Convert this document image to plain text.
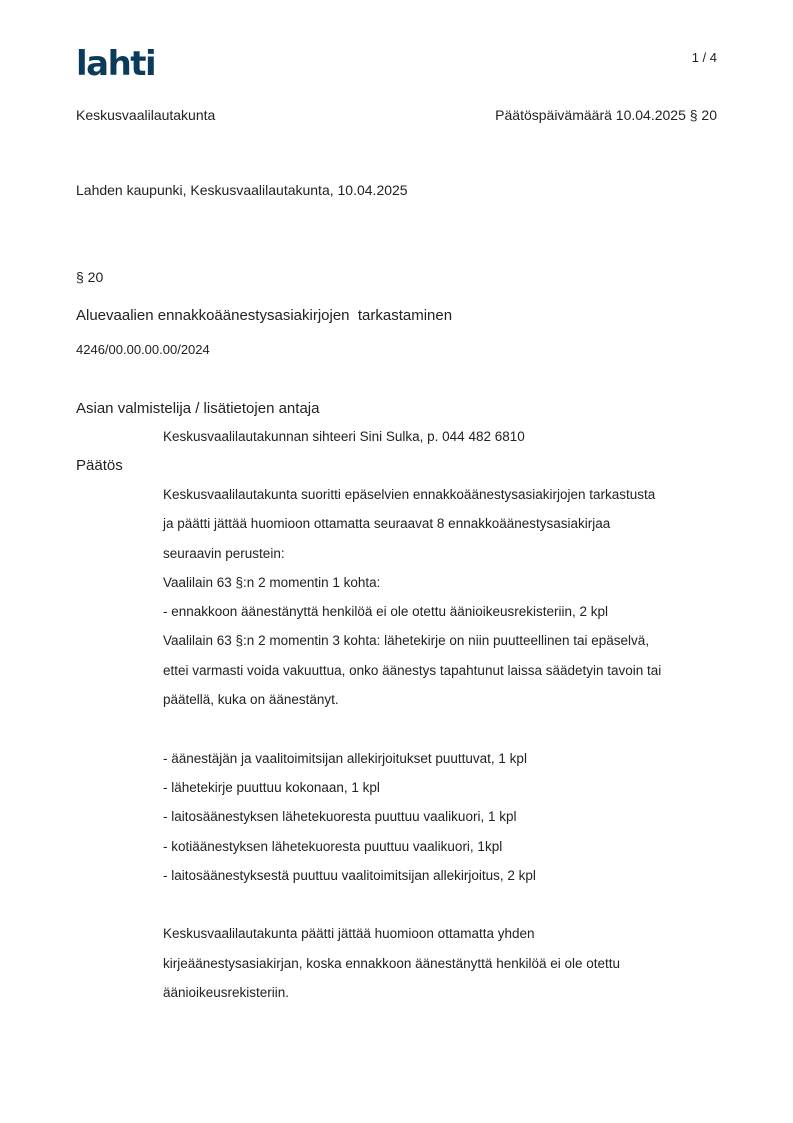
lahti	1 / 4
Keskusvaalilautakunta	Päätöspäivämäärä 10.04.2025 § 20
Lahden kaupunki, Keskusvaalilautakunta, 10.04.2025
§ 20
Aluevaalien ennakkoäänestysasiakirjojen  tarkastaminen
4246/00.00.00.00/2024
Asian valmistelija / lisätietojen antaja
Keskusvaalilautakunnan sihteeri Sini Sulka, p. 044 482 6810
Päätös
Keskusvaalilautakunta suoritti epäselvien ennakkoäänestysasiakirjojen tarkastusta
ja päätti jättää huomioon ottamatta seuraavat 8 ennakkoäänestysasiakirjaa
seuraavin perustein:
Vaalilain 63 §:n 2 momentin 1 kohta:
- ennakkoon äänestänyttä henkilöä ei ole otettu äänioikeusrekisteriin, 2 kpl
Vaalilain 63 §:n 2 momentin 3 kohta: lähetekirje on niin puutteellinen tai epäselvä,
ettei varmasti voida vakuuttua, onko äänestys tapahtunut laissa säädetyin tavoin tai
päätellä, kuka on äänestänyt.
- äänestäjän ja vaalitoimitsijan allekirjoitukset puuttuvat, 1 kpl
- lähetekirje puuttuu kokonaan, 1 kpl
- laitosäänestyksen lähetekuoresta puuttuu vaalikuori, 1 kpl
- kotiäänestyksen lähetekuoresta puuttuu vaalikuori, 1kpl
- laitosäänestyksestä puuttuu vaalitoimitsijan allekirjoitus, 2 kpl
Keskusvaalilautakunta päätti jättää huomioon ottamatta yhden
kirjeäänestysasiakirjan, koska ennakkoon äänestänyttä henkilöä ei ole otettu
äänioikeusrekisteriin.
